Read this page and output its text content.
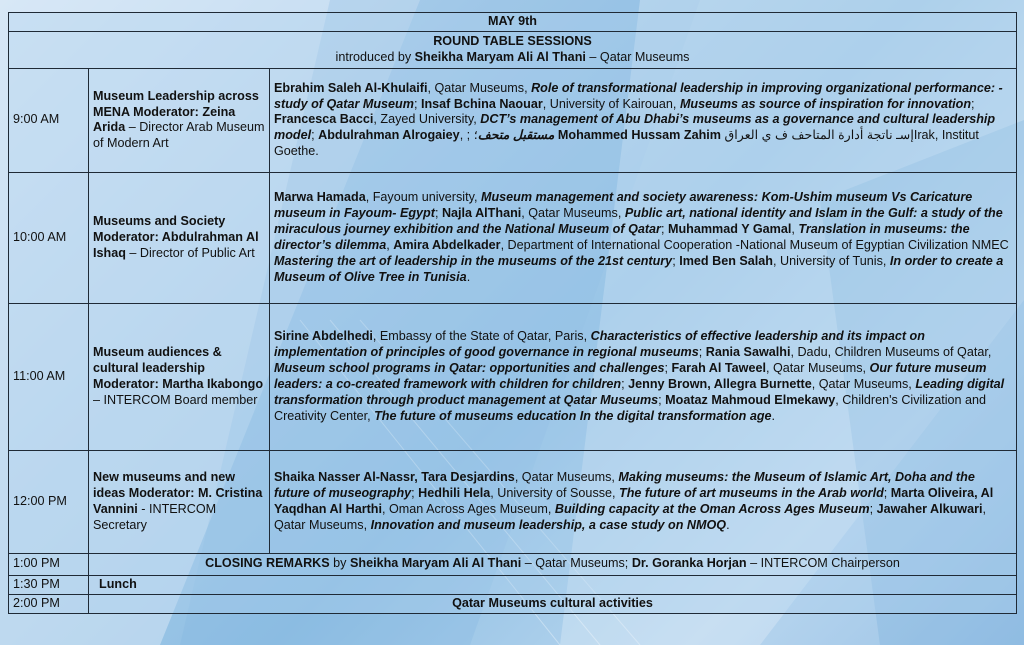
MAY 9th		

ROUND TABLE SESSIONS
introduced by Sheikha Maryam Ali Al Thani – Qatar Museums		

9:00 AM	Museum Leadership across MENA Moderator: Zeina Arida – Director Arab Museum of Modern Art	Ebrahim Saleh Al-Khulaifi, Qatar Museums, Role of transformational leadership in improving organizational performance: - study of Qatar Museum; Insaf Bchina Naouar, University of Kairouan, Museums as source of inspiration for innovation; Francesca Bacci, Zayed University, DCT’s management of Abu Dhabi’s museums as a governance and cultural leadership model; Abdulrahman Alrogaiey, ; مستقبل متحف؛ Mohammed Hussam Zahim إسـ ناتجة أدارة المتاحف ف ي العراقIrak, Institut Goethe.
10:00 AM	Museums and Society Moderator: Abdulrahman Al Ishaq – Director of Public Art	Marwa Hamada, Fayoum university, Museum management and society awareness: Kom-Ushim museum Vs Caricature museum in Fayoum- Egypt; Najla AlThani, Qatar Museums, Public art, national identity and Islam in the Gulf: a study of the miraculous journey exhibition and the National Museum of Qatar; Muhammad Y Gamal, Translation in museums: the director’s dilemma, Amira Abdelkader, Department of International Cooperation -National Museum of Egyptian Civilization NMEC Mastering the art of leadership in the museums of the 21st century; Imed Ben Salah, University of Tunis, In order to create a Museum of Olive Tree in Tunisia.
11:00 AM	Museum audiences & cultural leadership Moderator: Martha Ikabongo – INTERCOM Board member	Sirine Abdelhedi, Embassy of the State of Qatar, Paris, Characteristics of effective leadership and its impact on implementation of principles of good governance in regional museums; Rania Sawalhi, Dadu, Children Museums of Qatar, Museum school programs in Qatar: opportunities and challenges; Farah Al Taweel, Qatar Museums, Our future museum leaders: a co-created framework with children for children; Jenny Brown, Allegra Burnette, Qatar Museums, Leading digital transformation through product management at Qatar Museums; Moataz Mahmoud Elmekawy, Children's Civilization and Creativity Center, The future of museums education In the digital transformation age.
12:00 PM	New museums and new ideas Moderator: M. Cristina Vannini - INTERCOM Secretary	Shaika Nasser Al-Nassr, Tara Desjardins, Qatar Museums, Making museums: the Museum of Islamic Art, Doha and the future of museography; Hedhili Hela, University of Sousse, The future of art museums in the Arab world; Marta Oliveira, Al Yaqdhan Al Harthi, Oman Across Ages Museum, Building capacity at the Oman Across Ages Museum; Jawaher Alkuwari, Qatar Museums, Innovation and museum leadership, a case study on NMOQ.
1:00 PM	CLOSING REMARKS by Sheikha Maryam Ali Al Thani – Qatar Museums; Dr. Goranka Horjan – INTERCOM Chairperson	
1:30 PM	Lunch	
2:00 PM	Qatar Museums cultural activities	
